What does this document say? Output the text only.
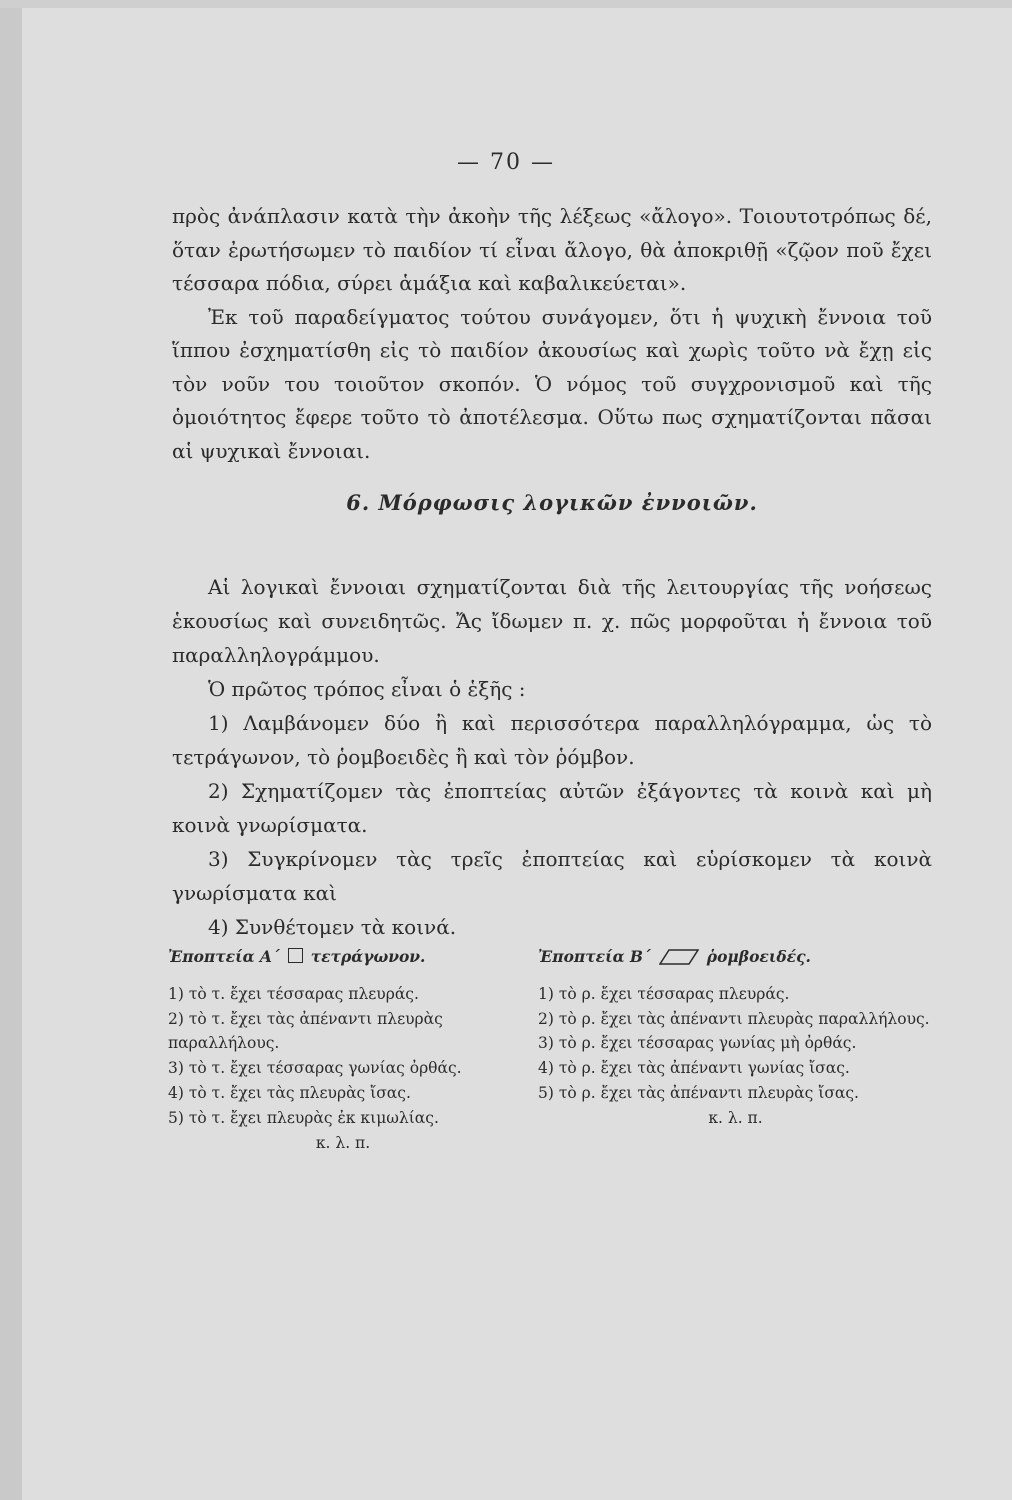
— 70 —

πρὸς ἀνάπλασιν κατὰ τὴν ἀκοὴν τῆς λέξεως «ἄλογο». Τοιουτοτρόπως δέ, ὅταν ἐρωτήσωμεν τὸ παιδίον τί εἶναι ἄλογο, θὰ ἀποκριθῇ «ζῷον ποῦ ἔχει τέσσαρα πόδια, σύρει ἁμάξια καὶ καβαλικεύεται».

Ἐκ τοῦ παραδείγματος τούτου συνάγομεν, ὅτι ἡ ψυχικὴ ἔννοια τοῦ ἵππου ἐσχηματίσθη εἰς τὸ παιδίον ἀκουσίως καὶ χωρὶς τοῦτο νὰ ἔχῃ εἰς τὸν νοῦν του τοιοῦτον σκοπόν. Ὁ νόμος τοῦ συγχρονισμοῦ καὶ τῆς ὁμοιότητος ἔφερε τοῦτο τὸ ἀποτέλεσμα. Οὕτω πως σχηματίζονται πᾶσαι αἱ ψυχικαὶ ἔννοιαι.

6. Μόρφωσις λογικῶν ἐννοιῶν.

Αἱ λογικαὶ ἔννοιαι σχηματίζονται διὰ τῆς λειτουργίας τῆς νοήσεως ἑκουσίως καὶ συνειδητῶς. Ἄς ἴδωμεν π. χ. πῶς μορφοῦται ἡ ἔννοια τοῦ παραλληλογράμμου.

Ὁ πρῶτος τρόπος εἶναι ὁ ἑξῆς :

1) Λαμβάνομεν δύο ἢ καὶ περισσότερα παραλληλόγραμμα, ὡς τὸ τετράγωνον, τὸ ῥομβοειδὲς ἢ καὶ τὸν ῥόμβον.

2) Σχηματίζομεν τὰς ἐποπτείας αὐτῶν ἐξάγοντες τὰ κοινὰ καὶ μὴ κοινὰ γνωρίσματα.

3) Συγκρίνομεν τὰς τρεῖς ἐποπτείας καὶ εὑρίσκομεν τὰ κοινὰ γνωρίσματα καὶ

4) Συνθέτομεν τὰ κοινά.

Ἐποπτεία Α΄ τετράγωνον.
1) τὸ τ. ἔχει τέσσαρας πλευράς.
2) τὸ τ. ἔχει τὰς ἀπέναντι πλευρὰς παραλλήλους.
3) τὸ τ. ἔχει τέσσαρας γωνίας ὀρθάς.
4) τὸ τ. ἔχει τὰς πλευρὰς ἴσας.
5) τὸ τ. ἔχει πλευρὰς ἐκ κιμωλίας.
κ. λ. π.
Ἐποπτεία Β΄	ῥομβοειδές.
1) τὸ ρ. ἔχει τέσσαρας πλευράς.
2) τὸ ρ. ἔχει τὰς ἀπέναντι πλευρὰς παραλλήλους.
3) τὸ ρ. ἔχει τέσσαρας γωνίας μὴ ὀρθάς.
4) τὸ ρ. ἔχει τὰς ἀπέναντι γωνίας ἴσας.
5) τὸ ρ. ἔχει τὰς ἀπέναντι πλευρὰς ἴσας.
κ. λ. π.
